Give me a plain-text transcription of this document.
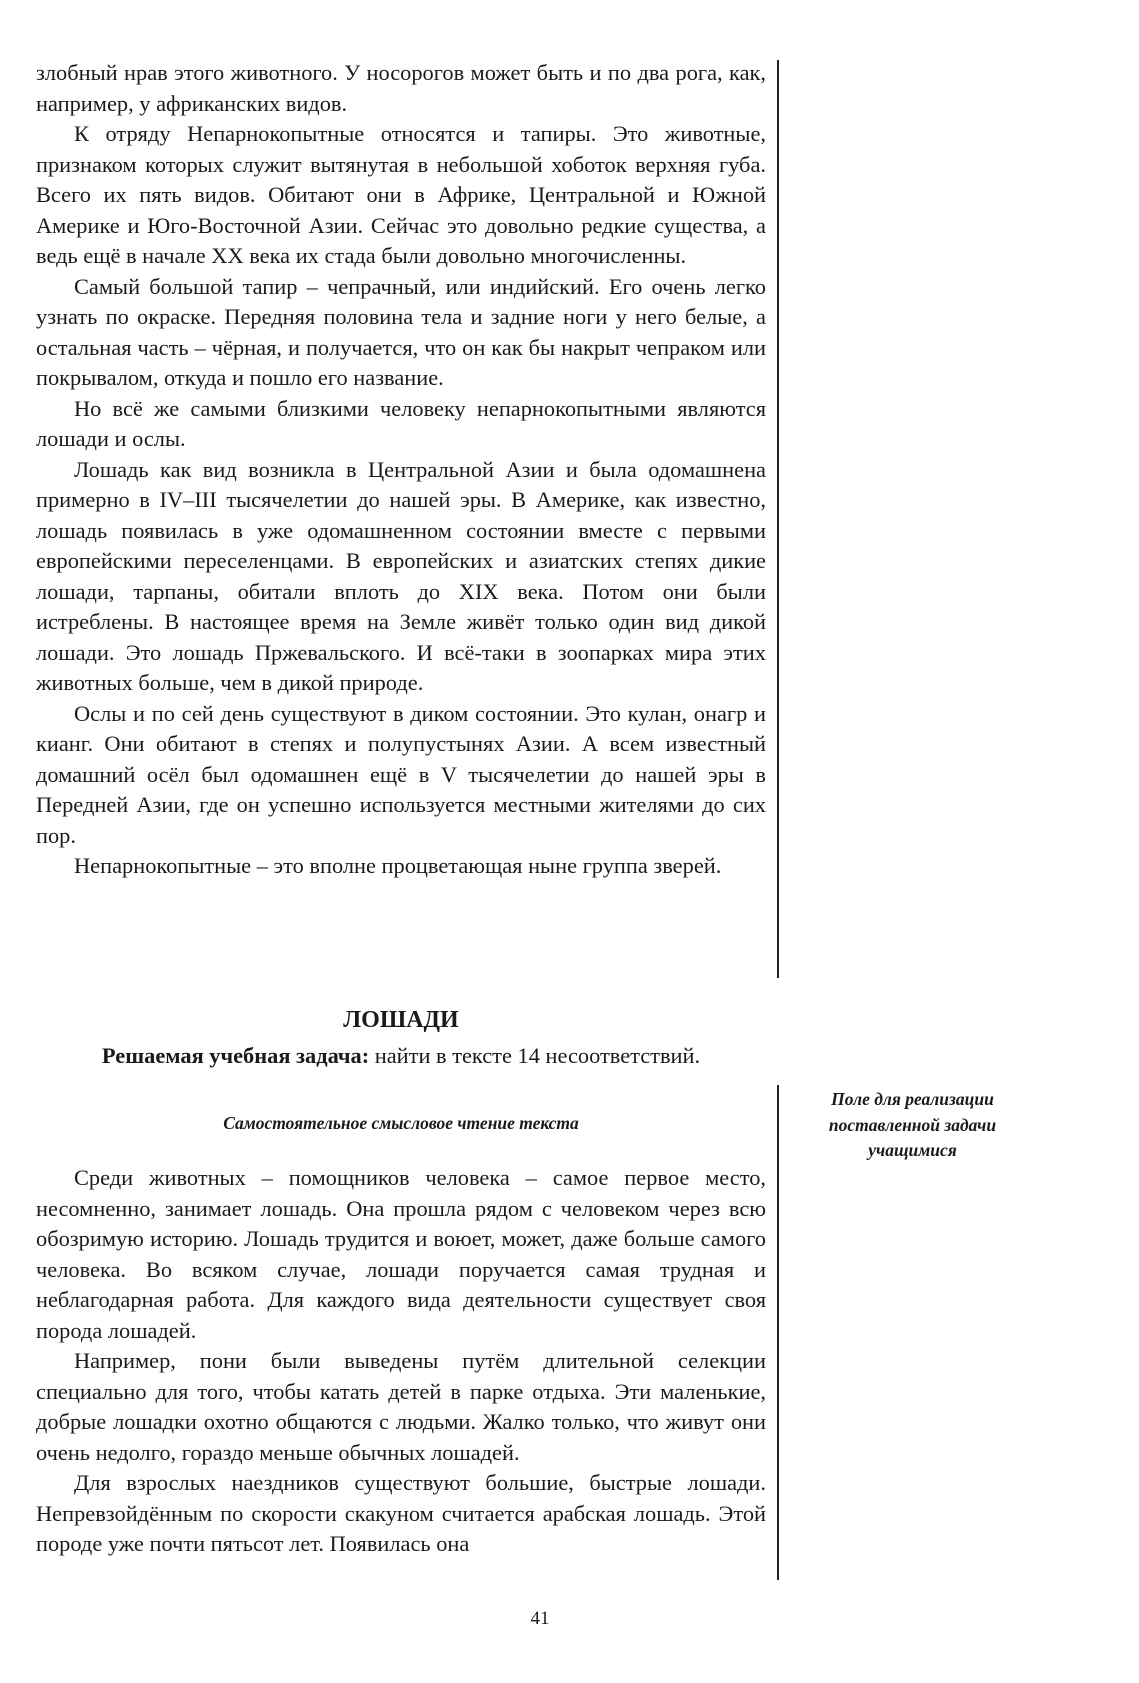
злобный нрав этого животного. У носорогов может быть и по два рога, как, например, у африканских видов.

К отряду Непарнокопытные относятся и тапиры. Это животные, признаком которых служит вытянутая в небольшой хоботок верхняя губа. Всего их пять видов. Обитают они в Африке, Центральной и Южной Америке и Юго-Восточной Азии. Сейчас это довольно редкие существа, а ведь ещё в начале XX века их стада были довольно многочисленны.

Самый большой тапир – чепрачный, или индийский. Его очень легко узнать по окраске. Передняя половина тела и задние ноги у него белые, а остальная часть – чёрная, и получается, что он как бы накрыт чепраком или покрывалом, откуда и пошло его название.

Но всё же самыми близкими человеку непарнокопытными являются лошади и ослы.

Лошадь как вид возникла в Центральной Азии и была одомашнена примерно в IV–III тысячелетии до нашей эры. В Америке, как известно, лошадь появилась в уже одомашненном состоянии вместе с первыми европейскими переселенцами. В европейских и азиатских степях дикие лошади, тарпаны, обитали вплоть до XIX века. Потом они были истреблены. В настоящее время на Земле живёт только один вид дикой лошади. Это лошадь Пржевальского. И всё-таки в зоопарках мира этих животных больше, чем в дикой природе.

Ослы и по сей день существуют в диком состоянии. Это кулан, онагр и кианг. Они обитают в степях и полупустынях Азии. А всем известный домашний осёл был одомашнен ещё в V тысячелетии до нашей эры в Передней Азии, где он успешно используется местными жителями до сих пор.

Непарнокопытные – это вполне процветающая ныне группа зверей.

ЛОШАДИ
Решаемая учебная задача: найти в тексте 14 несоответствий.
Самостоятельное смысловое чтение текста
Поле для реализации поставленной задачи учащимися

Среди животных – помощников человека – самое первое место, несомненно, занимает лошадь. Она прошла рядом с человеком через всю обозримую историю. Лошадь трудится и воюет, может, даже больше самого человека. Во всяком случае, лошади поручается самая трудная и неблагодарная работа. Для каждого вида деятельности существует своя порода лошадей.

Например, пони были выведены путём длительной селекции специально для того, чтобы катать детей в парке отдыха. Эти маленькие, добрые лошадки охотно общаются с людьми. Жалко только, что живут они очень недолго, гораздо меньше обычных лошадей.

Для взрослых наездников существуют большие, быстрые лошади. Непревзойдённым по скорости скакуном считается арабская лошадь. Этой породе уже почти пятьсот лет. Появилась она

41
